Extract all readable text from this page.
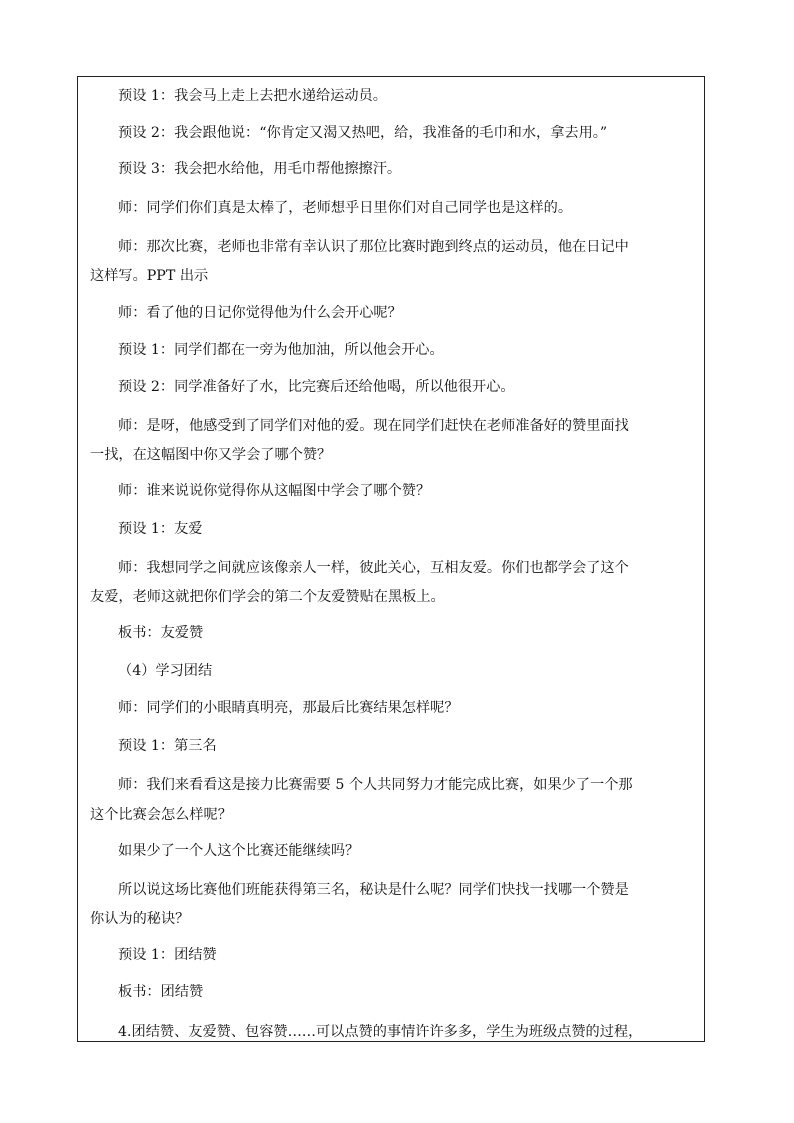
预设 1：我会马上走上去把水递给运动员。

预设 2：我会跟他说：“你肯定又渴又热吧，给，我准备的毛巾和水，拿去用。”

预设 3：我会把水给他，用毛巾帮他擦擦汗。

师：同学们你们真是太棒了，老师想乎日里你们对自己同学也是这样的。

师：那次比赛，老师也非常有幸认识了那位比赛时跑到终点的运动员，他在日记中

这样写。PPT 出示

师：看了他的日记你觉得他为什么会开心呢？

预设 1：同学们都在一旁为他加油，所以他会开心。

预设 2：同学准备好了水，比完赛后还给他喝，所以他很开心。

师：是呀，他感受到了同学们对他的爱。现在同学们赶快在老师准备好的赞里面找

一找，在这幅图中你又学会了哪个赞？

师：谁来说说你觉得你从这幅图中学会了哪个赞？

预设 1：友爱

师：我想同学之间就应该像亲人一样，彼此关心，互相友爱。你们也都学会了这个

友爱，老师这就把你们学会的第二个友爱赞贴在黑板上。

板书：友爱赞

（4）学习团结

师：同学们的小眼睛真明亮，那最后比赛结果怎样呢？

预设 1：第三名

师：我们来看看这是接力比赛需要 5 个人共同努力才能完成比赛，如果少了一个那

这个比赛会怎么样呢？

如果少了一个人这个比赛还能继续吗？

所以说这场比赛他们班能获得第三名，秘诀是什么呢？同学们快找一找哪一个赞是

你认为的秘诀？

预设 1：团结赞

板书：团结赞

4.团结赞、友爱赞、包容赞……可以点赞的事情许许多多，学生为班级点赞的过程，
